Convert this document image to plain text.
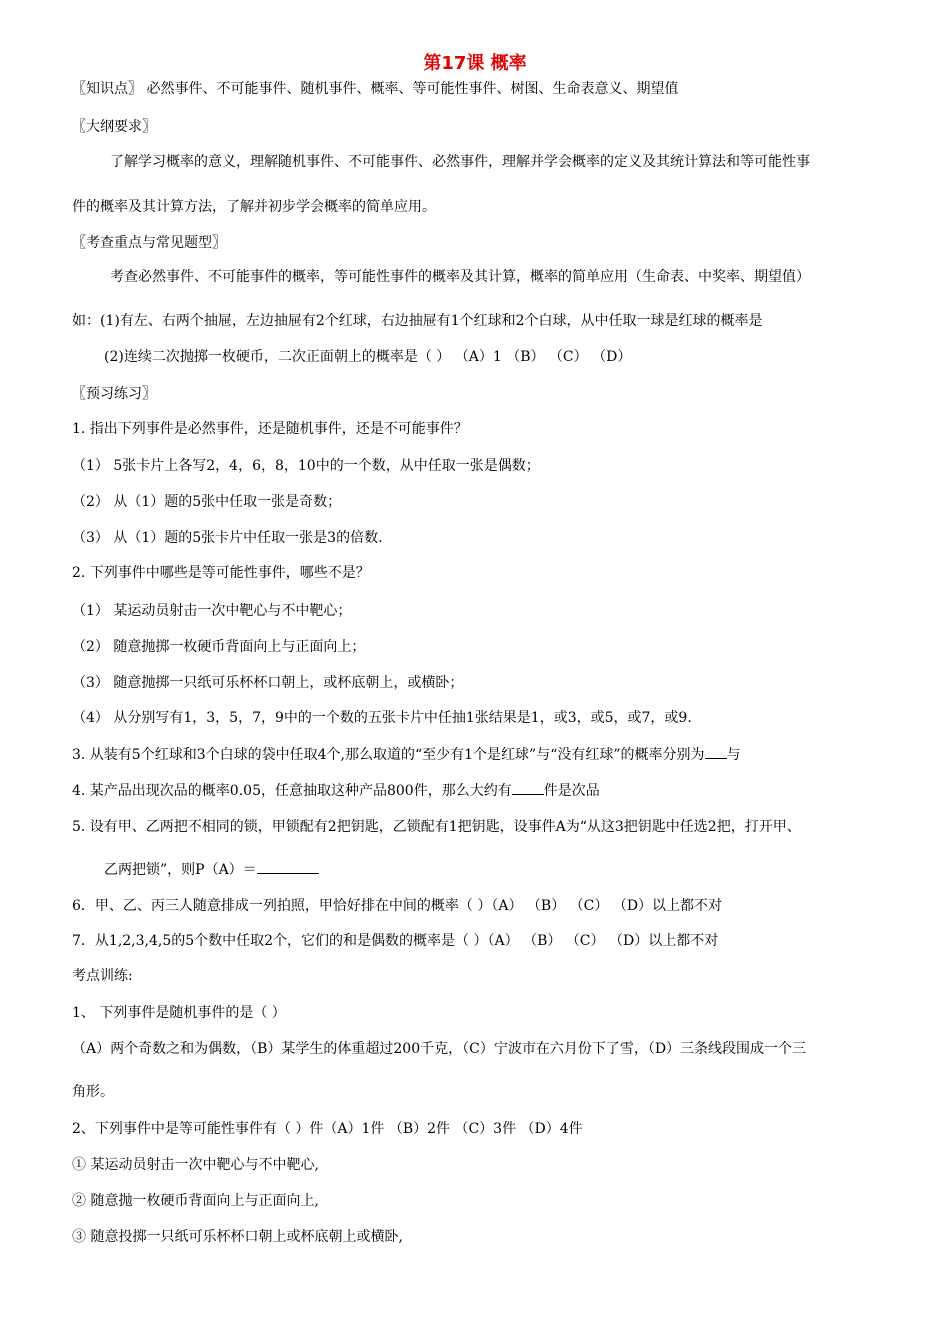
第17课 概率
〖知识点〗 必然事件、不可能事件、随机事件、概率、等可能性事件、树图、生命表意义、期望值
〖大纲要求〗
了解学习概率的意义，理解随机事件、不可能事件、必然事件，理解并学会概率的定义及其统计算法和等可能性事
件的概率及其计算方法，了解并初步学会概率的简单应用。
〖考查重点与常见题型〗
考查必然事件、不可能事件的概率，等可能性事件的概率及其计算，概率的简单应用（生命表、中奖率、期望值）
如：(1)有左、右两个抽屉，左边抽屉有2个红球，右边抽屉有1个红球和2个白球，从中任取一球是红球的概率是
(2)连续二次抛掷一枚硬币，二次正面朝上的概率是（ ） （A）1 （B） （C） （D）
〖预习练习〗
1. 指出下列事件是必然事件，还是随机事件，还是不可能事件？
（1） 5张卡片上各写2，4，6，8，10中的一个数，从中任取一张是偶数；
（2） 从（1）题的5张中任取一张是奇数；
（3） 从（1）题的5张卡片中任取一张是3的倍数.
2. 下列事件中哪些是等可能性事件，哪些不是？
（1） 某运动员射击一次中靶心与不中靶心；
（2） 随意抛掷一枚硬币背面向上与正面向上；
（3） 随意抛掷一只纸可乐杯杯口朝上，或杯底朝上，或横卧；
（4） 从分别写有1，3，5，7，9中的一个数的五张卡片中任抽1张结果是1，或3，或5，或7，或9.
3. 从装有5个红球和3个白球的袋中任取4个,那么取道的“至少有1个是红球”与“没有红球”的概率分别为 与
4. 某产品出现次品的概率0.05，任意抽取这种产品800件，那么大约有 件是次品
5. 设有甲、乙两把不相同的锁，甲锁配有2把钥匙，乙锁配有1把钥匙，设事件A为“从这3把钥匙中任选2把，打开甲、
乙两把锁”，则P（A）＝
6．甲、乙、丙三人随意排成一列拍照，甲恰好排在中间的概率（ ）（A） （B） （C） （D）以上都不对
7．从1,2,3,4,5的5个数中任取2个，它们的和是偶数的概率是（ ）（A） （B） （C） （D）以上都不对
考点训练:
1、 下列事件是随机事件的是（ ）
（A）两个奇数之和为偶数，（B）某学生的体重超过200千克，（C）宁波市在六月份下了雪，（D）三条线段围成一个三
角形。
2、下列事件中是等可能性事件有（ ）件（A）1件 （B）2件 （C）3件 （D）4件
① 某运动员射击一次中靶心与不中靶心,
② 随意抛一枚硬币背面向上与正面向上,
③ 随意投掷一只纸可乐杯杯口朝上或杯底朝上或横卧,
